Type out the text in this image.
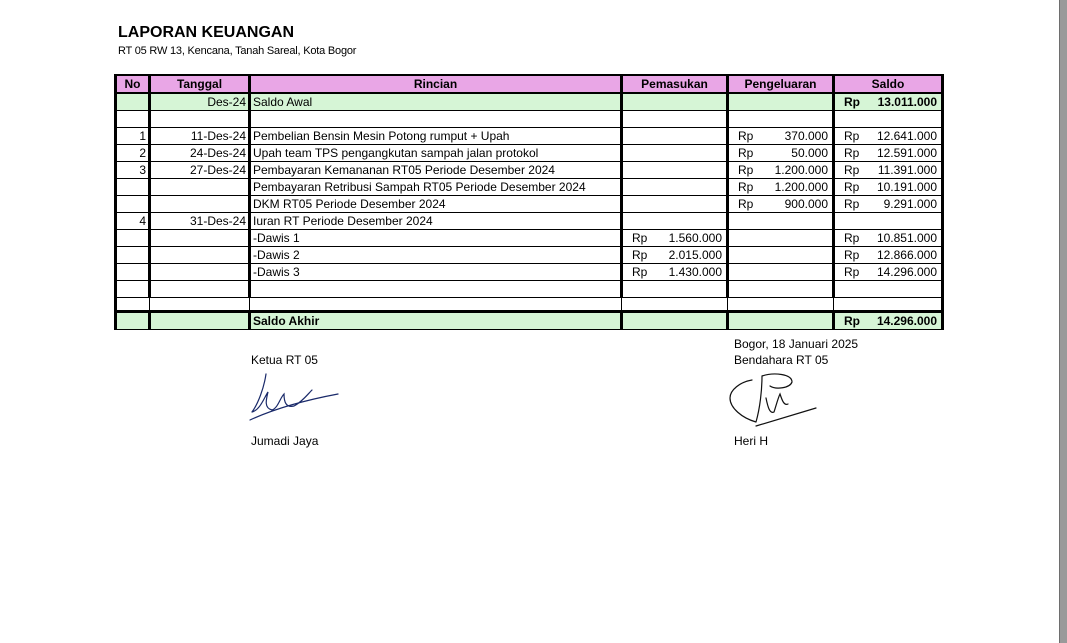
LAPORAN KEUANGAN
RT 05 RW 13, Kencana, Tanah Sareal, Kota Bogor
No	Tanggal	Rincian	Pemasukan	Pengeluaran	Saldo
	Des-24	Saldo Awal			Rp 13.011.000

1	11-Des-24	Pembelian Bensin Mesin Potong rumput + Upah		Rp 370.000	Rp 12.641.000

2	24-Des-24	Upah team TPS pengangkutan sampah jalan protokol		Rp 50.000	Rp 12.591.000

3	27-Des-24	Pembayaran Kemananan RT05 Periode Desember 2024		Rp 1.200.000	Rp 11.391.000

		Pembayaran Retribusi Sampah RT05 Periode Desember 2024		Rp 1.200.000	Rp 10.191.000

		DKM RT05 Periode Desember 2024		Rp 900.000	Rp 9.291.000

4	31-Des-24	Iuran RT Periode Desember 2024	

		-Dawis 1	Rp 1.560.000		Rp 10.851.000

		-Dawis 2	Rp 2.015.000		Rp 12.866.000

		-Dawis 3	Rp 1.430.000		Rp 14.296.000

		Saldo Akhir			Rp 14.296.000
Ketua RT 05
Jumadi Jaya
Bogor, 18 Januari 2025
Bendahara RT 05
Heri H
